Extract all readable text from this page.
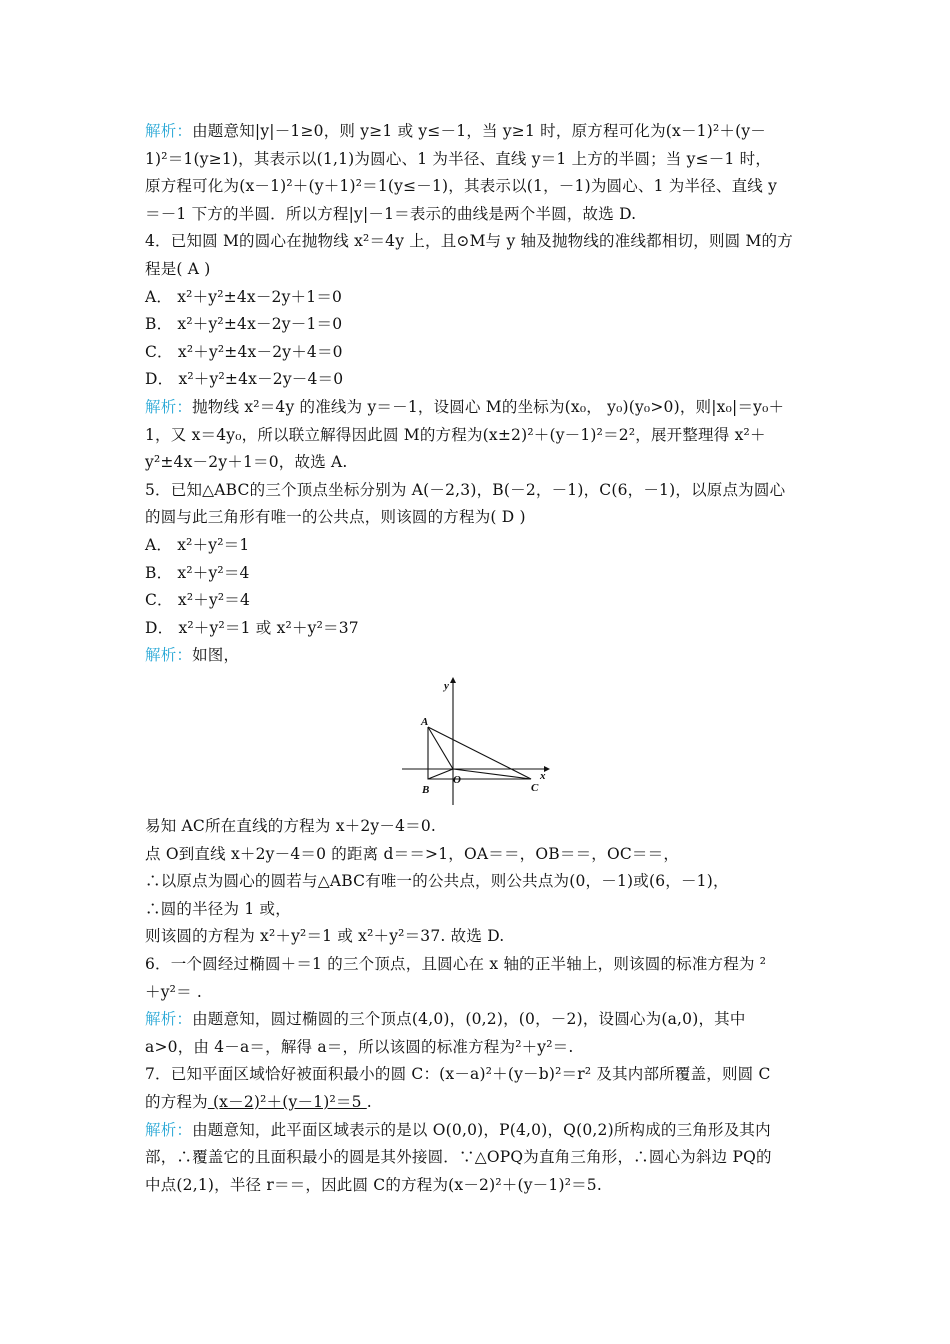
解析：由题意知|y|－1≥0，则 y≥1 或 y≤－1，当 y≥1 时，原方程可化为(x－1)²＋(y－
1)²＝1(y≥1)，其表示以(1,1)为圆心、1 为半径、直线 y＝1 上方的半圆；当 y≤－1 时，
原方程可化为(x－1)²＋(y＋1)²＝1(y≤－1)，其表示以(1，－1)为圆心、1 为半径、直线 y
＝－1 下方的半圆．所以方程|y|－1＝表示的曲线是两个半圆，故选 D.
4．已知圆 M的圆心在抛物线 x²＝4y 上，且⊙M与 y 轴及抛物线的准线都相切，则圆 M的方
程是( A )
A． x²＋y²±4x－2y＋1＝0
B． x²＋y²±4x－2y－1＝0
C． x²＋y²±4x－2y＋4＝0
D． x²＋y²±4x－2y－4＝0
解析：抛物线 x²＝4y 的准线为 y＝－1，设圆心 M的坐标为(x₀， y₀)(y₀>0)，则|x₀|＝y₀＋
1，又 x＝4y₀，所以联立解得因此圆 M的方程为(x±2)²＋(y－1)²＝2²，展开整理得 x²＋
y²±4x－2y＋1＝0，故选 A.
5．已知△ABC的三个顶点坐标分别为 A(－2,3)，B(－2，－1)，C(6，－1)，以原点为圆心
的圆与此三角形有唯一的公共点，则该圆的方程为( D )
A． x²＋y²＝1
B． x²＋y²＝4
C． x²＋y²＝4
D． x²＋y²＝1 或 x²＋y²＝37
解析：如图，
y
x
A
B	C
O
易知 AC所在直线的方程为 x＋2y－4＝0.
点 O到直线 x＋2y－4＝0 的距离 d＝＝>1，OA＝＝，OB＝＝，OC＝＝，
∴以原点为圆心的圆若与△ABC有唯一的公共点，则公共点为(0，－1)或(6，－1)，
∴圆的半径为 1 或，
则该圆的方程为 x²＋y²＝1 或 x²＋y²＝37. 故选 D.
6．一个圆经过椭圆＋＝1 的三个顶点，且圆心在 x 轴的正半轴上，则该圆的标准方程为 ²
＋y²＝ .
解析：由题意知，圆过椭圆的三个顶点(4,0)，(0,2)，(0，－2)，设圆心为(a,0)，其中
a>0，由 4－a＝，解得 a＝，所以该圆的标准方程为²＋y²＝.
7．已知平面区域恰好被面积最小的圆 C：(x－a)²＋(y－b)²＝r² 及其内部所覆盖，则圆 C
的方程为 (x－2)²＋(y－1)²＝5 .
解析：由题意知，此平面区域表示的是以 O(0,0)，P(4,0)，Q(0,2)所构成的三角形及其内
部，∴覆盖它的且面积最小的圆是其外接圆．∵△OPQ为直角三角形，∴圆心为斜边 PQ的
中点(2,1)，半径 r＝＝，因此圆 C的方程为(x－2)²＋(y－1)²＝5.
